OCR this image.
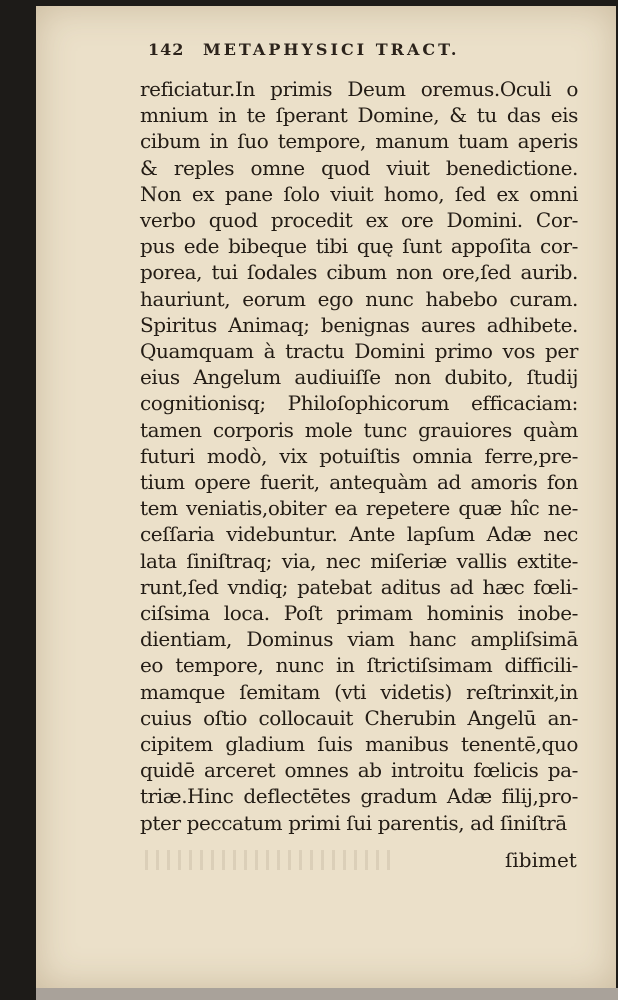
142 METAPHYSICI TRACT.
reficiatur.In primis Deum oremus.Oculi o
mnium in te ſperant Domine, & tu das eis
cibum in ſuo tempore, manum tuam aperis
& reples omne quod viuit benedictione.
Non ex pane ſolo viuit homo, ſed ex omni
verbo quod procedit ex ore Domini. Cor-
pus ede bibeque tibi quę ſunt appoſita cor-
porea, tui ſodales cibum non ore,ſed aurib.
hauriunt, eorum ego nunc habebo curam.
Spiritus Animaq; benignas aures adhibete.
Quamquam à tractu Domini primo vos per
eius Angelum audiuiſſe non dubito, ſtudij
cognitionisq; Philoſophicorum efficaciam:
tamen corporis mole tunc grauiores quàm
futuri modò, vix potuiſtis omnia ferre,pre-
tium opere fuerit, antequàm ad amoris fon
tem veniatis,obiter ea repetere quæ hîc ne-
ceſſaria videbuntur. Ante lapſum Adæ nec
lata ſiniſtraq; via, nec miſeriæ vallis extite-
runt,ſed vndiq; patebat aditus ad hæc fœli-
ciſsima loca. Poſt primam hominis inobe-
dientiam, Dominus viam hanc ampliſsimā
eo tempore, nunc in ſtrictiſsimam difficili-
mamque ſemitam (vti videtis) reſtrinxit,in
cuius oſtio collocauit Cherubin Angelū an-
cipitem gladium ſuis manibus tenentē,quo
quidē arceret omnes ab introitu fœlicis pa-
triæ.Hinc deflectētes gradum Adæ filij,pro-
pter peccatum primi ſui parentis, ad ſiniſtrā
ſibimet
